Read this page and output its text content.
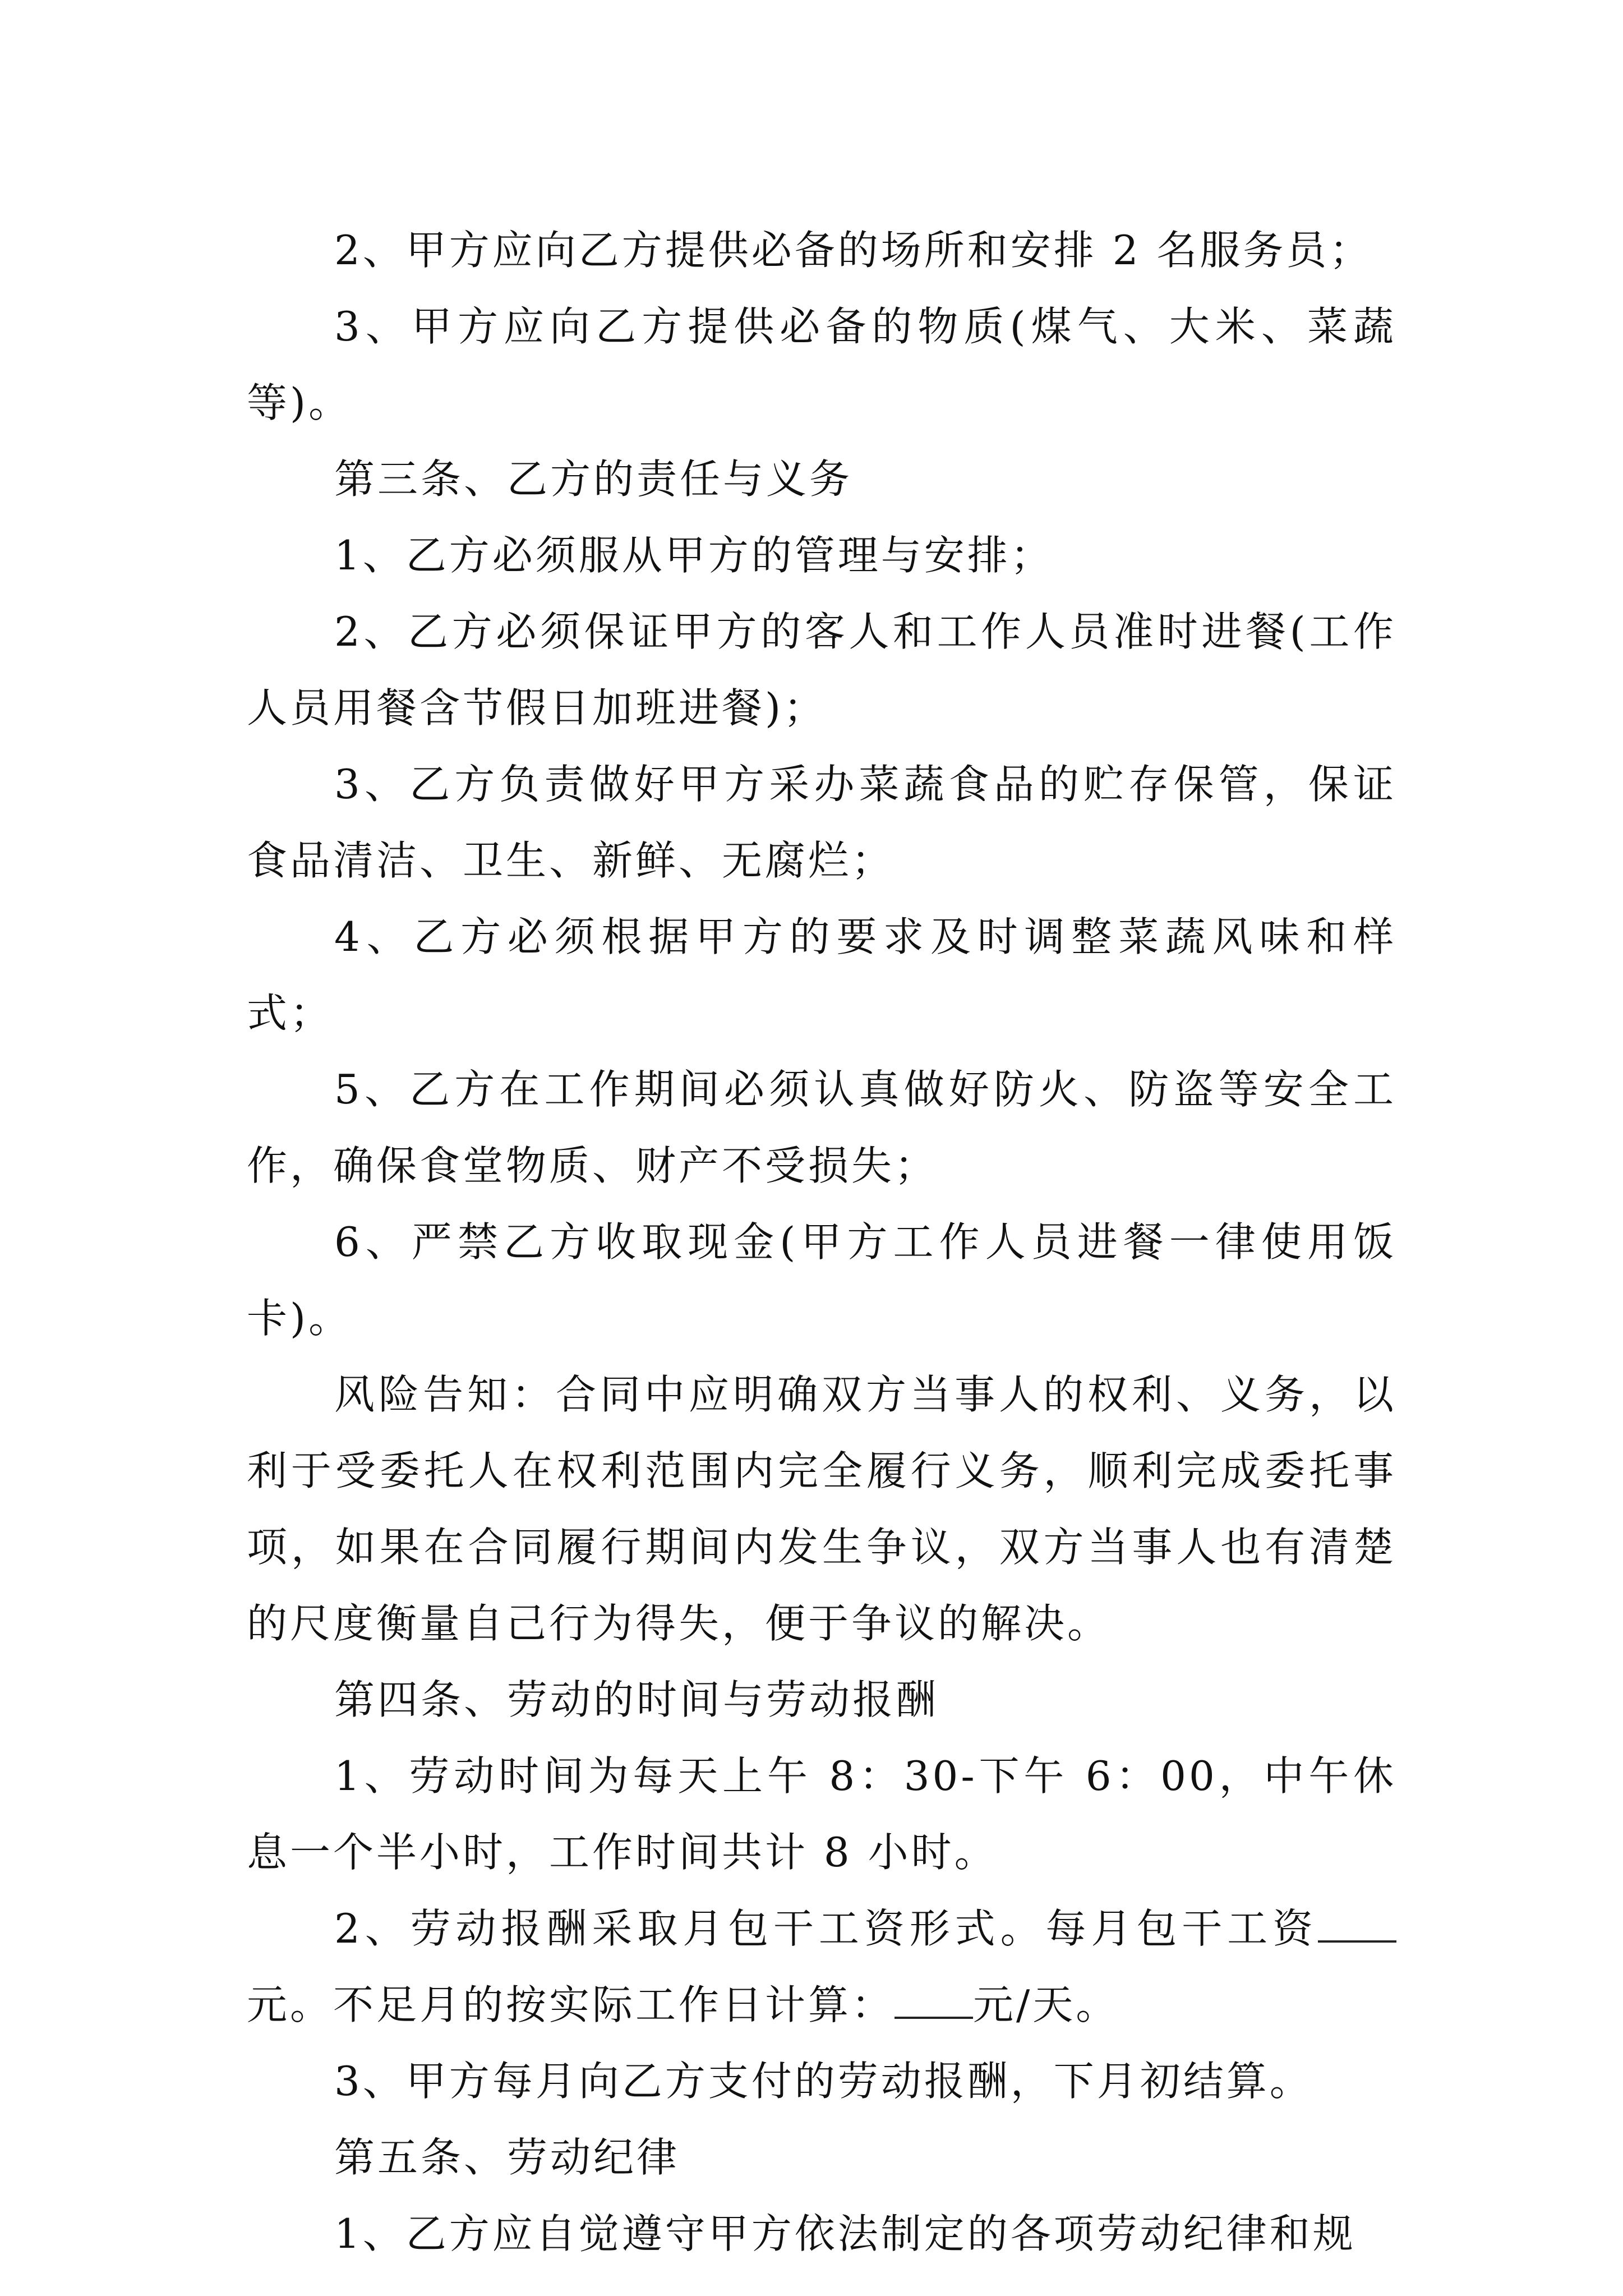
2、甲方应向乙方提供必备的场所和安排 2 名服务员；

3、甲方应向乙方提供必备的物质(煤气、大米、菜蔬等)。

第三条、乙方的责任与义务

1、乙方必须服从甲方的管理与安排；

2、乙方必须保证甲方的客人和工作人员准时进餐(工作人员用餐含节假日加班进餐)；

3、乙方负责做好甲方采办菜蔬食品的贮存保管，保证食品清洁、卫生、新鲜、无腐烂；

4、乙方必须根据甲方的要求及时调整菜蔬风味和样式；

5、乙方在工作期间必须认真做好防火、防盗等安全工作，确保食堂物质、财产不受损失；

6、严禁乙方收取现金(甲方工作人员进餐一律使用饭卡)。

风险告知：合同中应明确双方当事人的权利、义务，以利于受委托人在权利范围内完全履行义务，顺利完成委托事项，如果在合同履行期间内发生争议，双方当事人也有清楚的尺度衡量自己行为得失，便于争议的解决。

第四条、劳动的时间与劳动报酬

1、劳动时间为每天上午 8：30-下午 6：00，中午休息一个半小时，工作时间共计 8 小时。

2、劳动报酬采取月包干工资形式。每月包干工资元。不足月的按实际工作日计算： 元/天。

3、甲方每月向乙方支付的劳动报酬，下月初结算。

第五条、劳动纪律

1、乙方应自觉遵守甲方依法制定的各项劳动纪律和规
